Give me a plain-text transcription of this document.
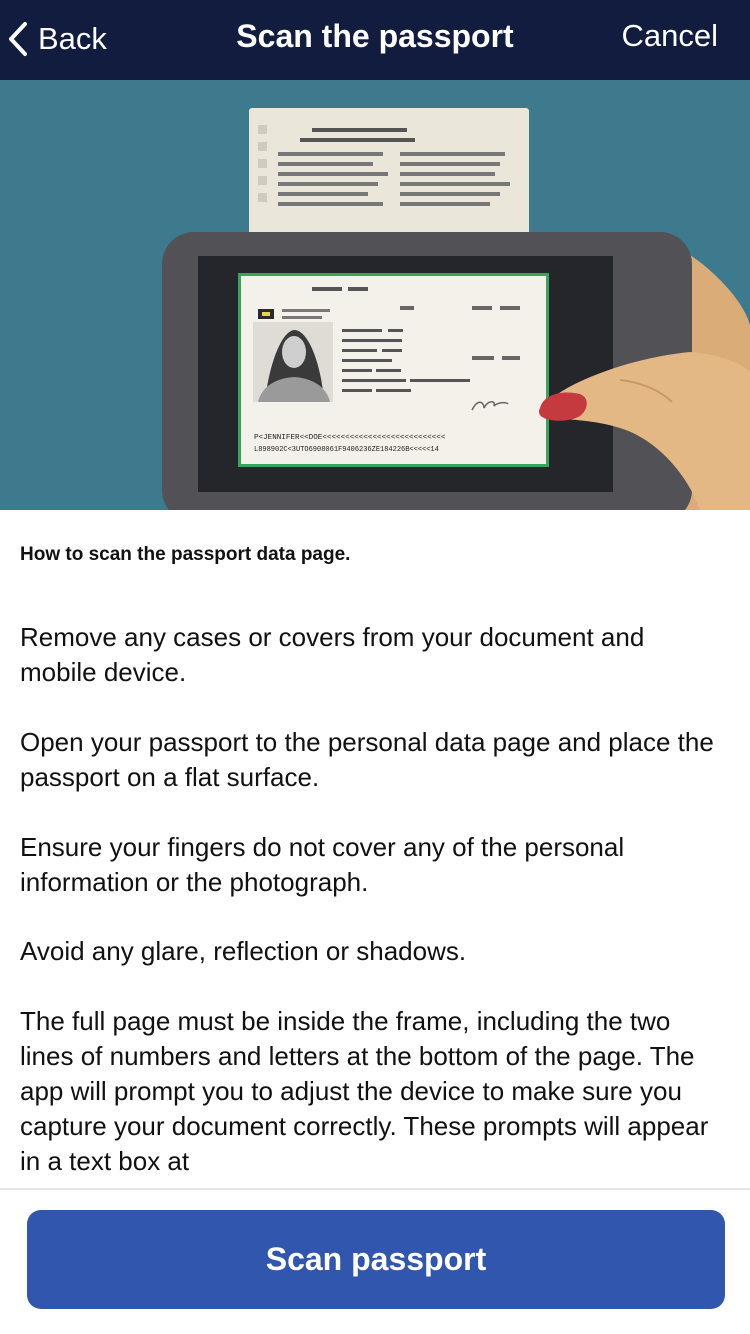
Back	Scan the passport	Cancel
P<JENNIFER<<DOE<<<<<<<<<<<<<<<<<<<<<<<<<<<
L898902C<3UTO6908061F9406236ZE184226B<<<<<14
How to scan the passport data page.

Remove any cases or covers from your document and mobile device.

Open your passport to the personal data page and place the passport on a flat surface.

Ensure your fingers do not cover any of the personal information or the photograph.

Avoid any glare, reflection or shadows.

The full page must be inside the frame, including the two lines of numbers and letters at the bottom of the page. The app will prompt you to adjust the device to make sure you capture your document correctly. These prompts will appear in a text box at

Scan passport
